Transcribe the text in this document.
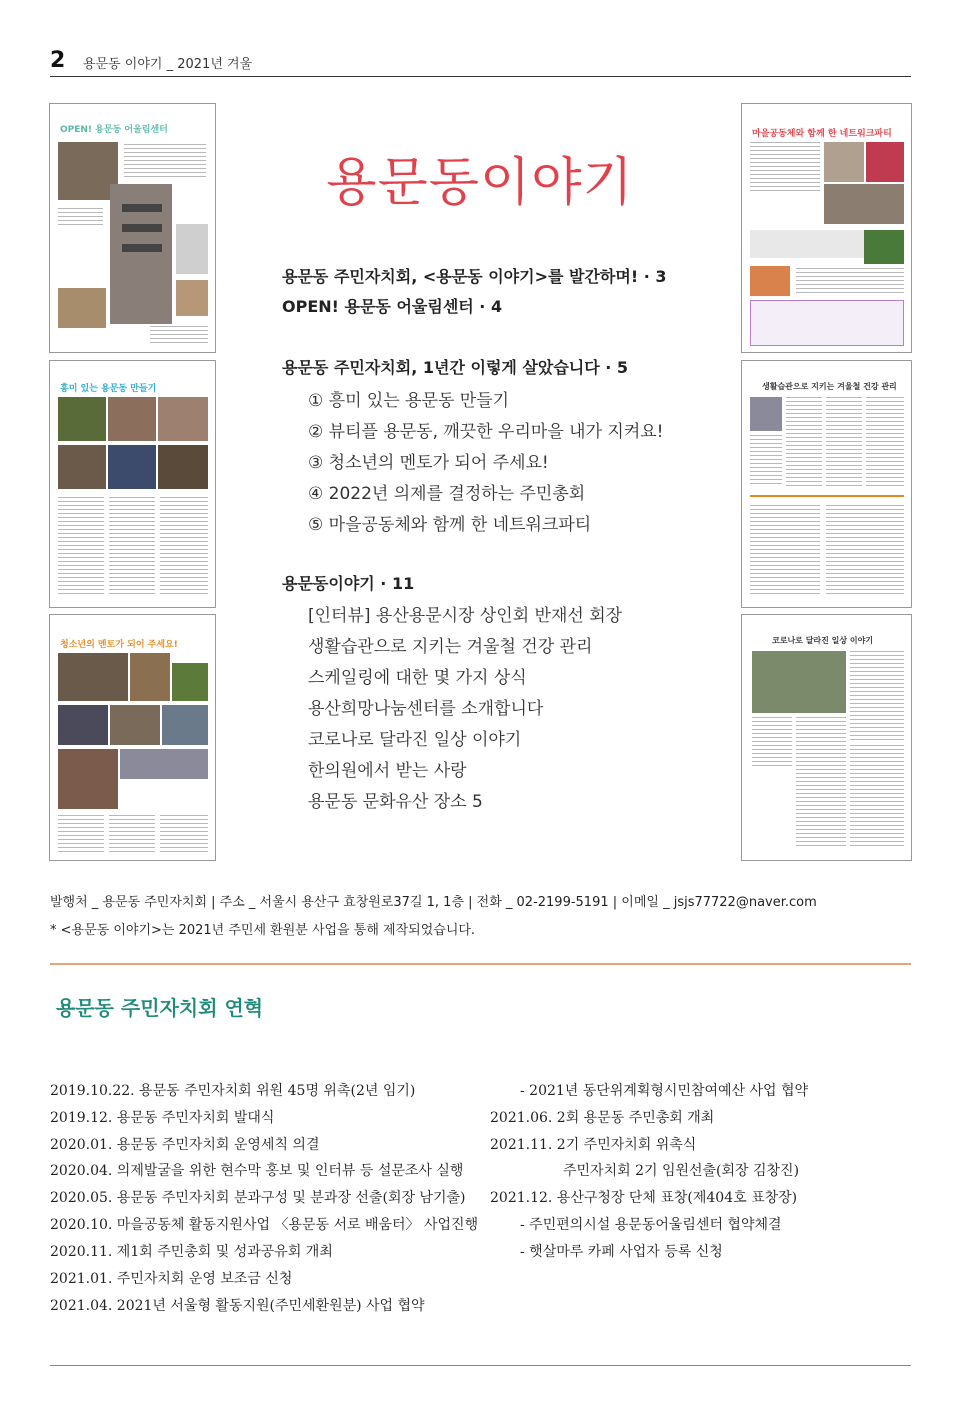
2 용문동 이야기 _ 2021년 겨울
OPEN! 용문동 어울림센터
흥미 있는 용문동 만들기
청소년의 멘토가 되어 주세요!
마을공동체와 함께 한 네트워크파티
생활습관으로 지키는 겨울철 건강 관리
코로나로 달라진 일상 이야기
용문동이야기
용문동 주민자치회, <용문동 이야기>를 발간하며! · 3
OPEN! 용문동 어울림센터 · 4
용문동 주민자치회, 1년간 이렇게 살았습니다 · 5
① 흥미 있는 용문동 만들기
② 뷰티플 용문동, 깨끗한 우리마을 내가 지켜요!
③ 청소년의 멘토가 되어 주세요!
④ 2022년 의제를 결정하는 주민총회
⑤ 마을공동체와 함께 한 네트워크파티
용문동이야기 · 11
[인터뷰] 용산용문시장 상인회 반재선 회장
생활습관으로 지키는 겨울철 건강 관리
스케일링에 대한 몇 가지 상식
용산희망나눔센터를 소개합니다
코로나로 달라진 일상 이야기
한의원에서 받는 사랑
용문동 문화유산 장소 5
발행처 _ 용문동 주민자치회 | 주소 _ 서울시 용산구 효창원로37길 1, 1층 | 전화 _ 02-2199-5191 | 이메일 _ jsjs77722@naver.com
* <용문동 이야기>는 2021년 주민세 환원분 사업을 통해 제작되었습니다.
용문동 주민자치회 연혁
2019.10.22. 용문동 주민자치회 위원 45명 위촉(2년 임기)
2019.12. 용문동 주민자치회 발대식
2020.01. 용문동 주민자치회 운영세칙 의결
2020.04. 의제발굴을 위한 현수막 홍보 및 인터뷰 등 설문조사 실행
2020.05. 용문동 주민자치회 분과구성 및 분과장 선출(회장 남기출)
2020.10. 마을공동체 활동지원사업 〈용문동 서로 배움터〉 사업진행
2020.11. 제1회 주민총회 및 성과공유회 개최
2021.01. 주민자치회 운영 보조금 신청
2021.04. 2021년 서울형 활동지원(주민세환원분) 사업 협약
- 2021년 동단위계획형시민참여예산 사업 협약
2021.06. 2회 용문동 주민총회 개최
2021.11. 2기 주민자치회 위촉식
주민자치회 2기 임원선출(회장 김창진)
2021.12. 용산구청장 단체 표창(제404호 표창장)
- 주민편의시설 용문동어울림센터 협약체결
- 햇살마루 카페 사업자 등록 신청
